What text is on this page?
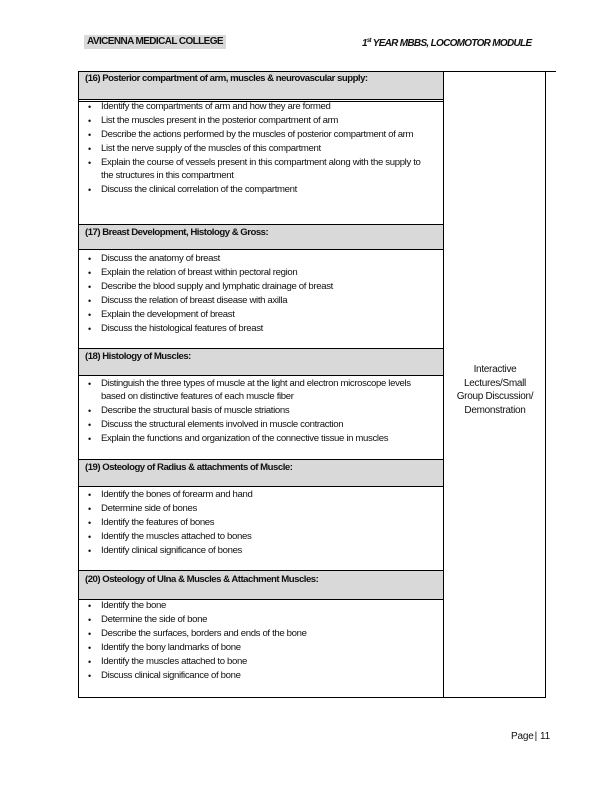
AVICENNA MEDICAL COLLEGE	1st YEAR MBBS, LOCOMOTOR MODULE
(16) Posterior compartment of arm, muscles & neurovascular supply:
• Identify the compartments of arm and how they are formed
• List the muscles present in the posterior compartment of arm
• Describe the actions performed by the muscles of posterior compartment of arm
• List the nerve supply of the muscles of this compartment
• Explain the course of vessels present in this compartment along with the supply to the structures in this compartment
• Discuss the clinical correlation of the compartment
(17) Breast Development, Histology & Gross:
• Discuss the anatomy of breast
• Explain the relation of breast within pectoral region
• Describe the blood supply and lymphatic drainage of breast
• Discuss the relation of breast disease with axilla
• Explain the development of breast
• Discuss the histological features of breast
(18) Histology of Muscles:
• Distinguish the three types of muscle at the light and electron microscope levels based on distinctive features of each muscle fiber
• Describe the structural basis of muscle striations
• Discuss the structural elements involved in muscle contraction
• Explain the functions and organization of the connective tissue in muscles
(19) Osteology of Radius & attachments of Muscle:
• Identify the bones of forearm and hand
• Determine side of bones
• Identify the features of bones
• Identify the muscles attached to bones
• Identify clinical significance of bones
(20) Osteology of Ulna & Muscles & Attachment Muscles:
• Identify the bone
• Determine the side of bone
• Describe the surfaces, borders and ends of the bone
• Identify the bony landmarks of bone
• Identify the muscles attached to bone
• Discuss clinical significance of bone
Interactive
Lectures/Small
Group Discussion/
Demonstration
Page| 11
